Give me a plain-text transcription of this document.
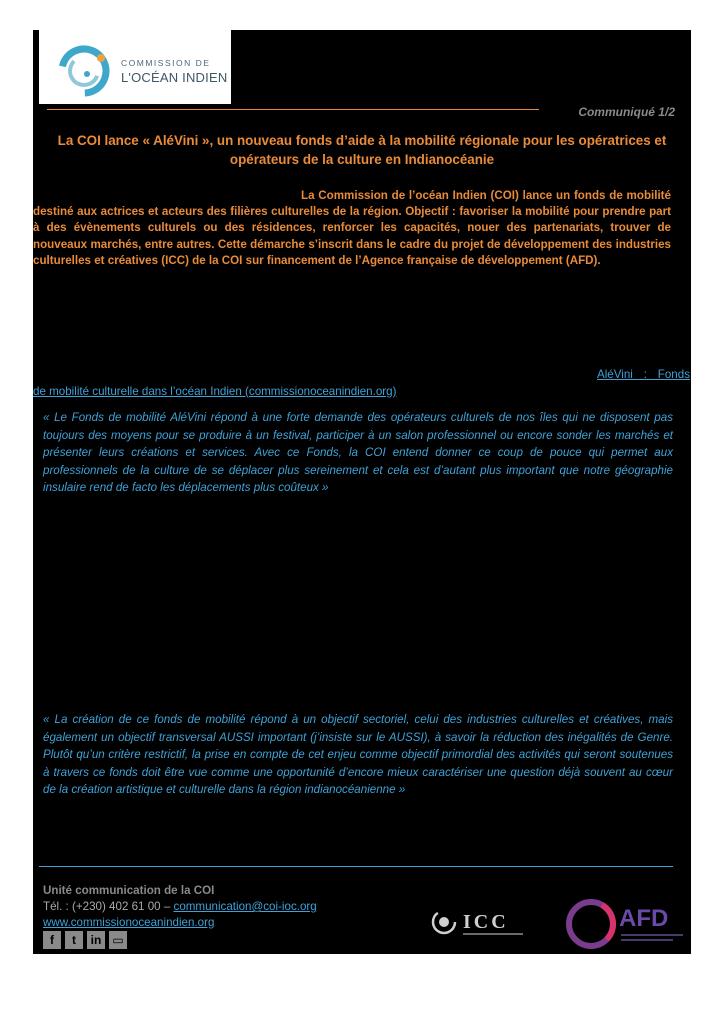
COMMISSION DE
L'OCÉAN INDIEN
Communiqué 1/2
La COI lance « AléVini », un nouveau fonds d’aide à la mobilité régionale pour les opératrices et opérateurs de la culture en Indianocéanie
La Commission de l’océan Indien (COI) lance un fonds de mobilité destiné aux actrices et acteurs des filières culturelles de la région. Objectif : favoriser la mobilité pour prendre part à des évènements culturels ou des résidences, renforcer les capacités, nouer des partenariats, trouver de nouveaux marchés, entre autres. Cette démarche s’inscrit dans le cadre du projet de développement des industries culturelles et créatives (ICC) de la COI sur financement de l’Agence française de développement (AFD).
AléVini : Fonds de mobilité culturelle dans l’océan Indien (commissionoceanindien.org)
« Le Fonds de mobilité AléVini répond à une forte demande des opérateurs culturels de nos îles qui ne disposent pas toujours des moyens pour se produire à un festival, participer à un salon professionnel ou encore sonder les marchés et présenter leurs créations et services. Avec ce Fonds, la COI entend donner ce coup de pouce qui permet aux professionnels de la culture de se déplacer plus sereinement et cela est d’autant plus important que notre géographie insulaire rend de facto les déplacements plus coûteux »
« La création de ce fonds de mobilité répond à un objectif sectoriel, celui des industries culturelles et créatives, mais également un objectif transversal AUSSI important (j’insiste sur le AUSSI), à savoir la réduction des inégalités de Genre. Plutôt qu’un critère restrictif, la prise en compte de cet enjeu comme objectif primordial des activités qui seront soutenues à travers ce fonds doit être vue comme une opportunité d’encore mieux caractériser une question déjà souvent au cœur de la création artistique et culturelle dans la région indianocéanienne »
Unité communication de la COI
Tél. : (+230) 402 61 00 – communication@coi-ioc.org
www.commissionoceanindien.org
f	t	in ▭
ICC	AFD
